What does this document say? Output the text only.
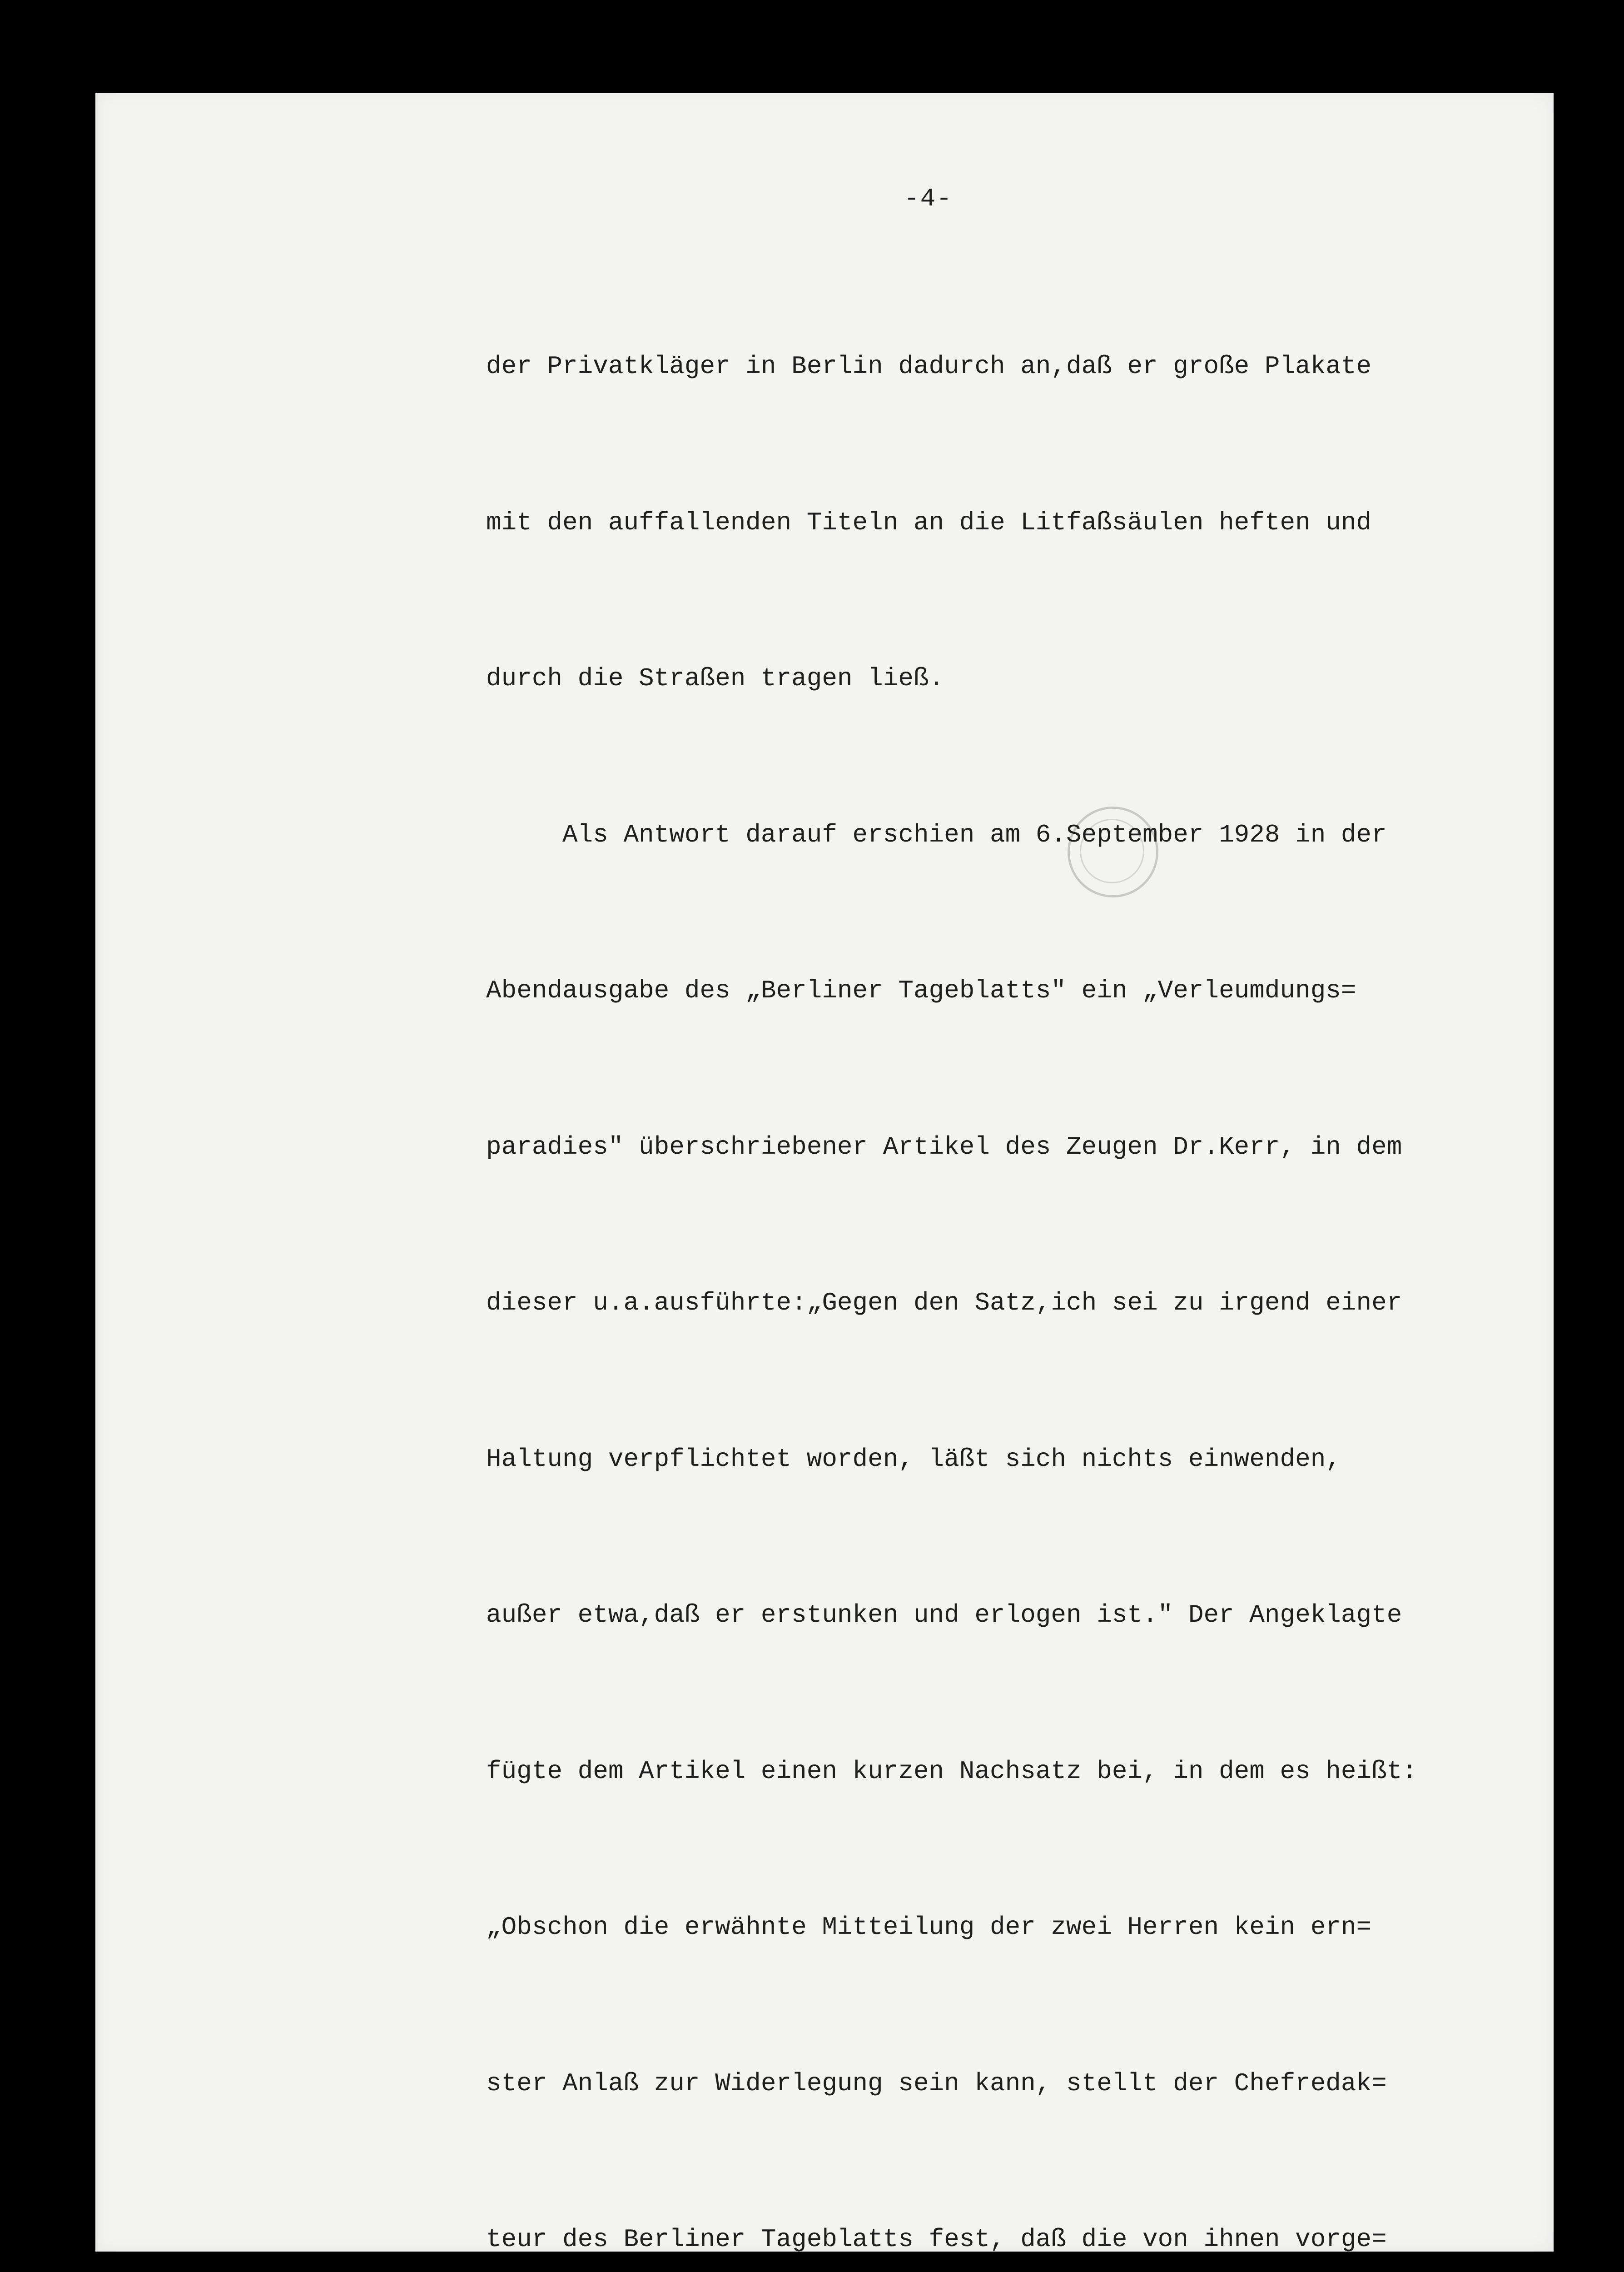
-4-

der Privatkläger in Berlin dadurch an,daß er große Plakate

mit den auffallenden Titeln an die Litfaßsäulen heften und

durch die Straßen tragen ließ.

Als Antwort darauf erschien am 6.September 1928 in der

Abendausgabe des „Berliner Tageblatts" ein „Verleumdungs=

paradies" überschriebener Artikel des Zeugen Dr.Kerr, in dem

dieser u.a.ausführte:„Gegen den Satz,ich sei zu irgend einer

Haltung verpflichtet worden, läßt sich nichts einwenden,

außer etwa,daß er erstunken und erlogen ist." Der Angeklagte

fügte dem Artikel einen kurzen Nachsatz bei, in dem es heißt:

„Obschon die erwähnte Mitteilung der zwei Herren kein ern=

ster Anlaß zur Widerlegung sein kann, stellt der Chefredak=

teur des Berliner Tageblatts fest, daß die von ihnen vorge=
